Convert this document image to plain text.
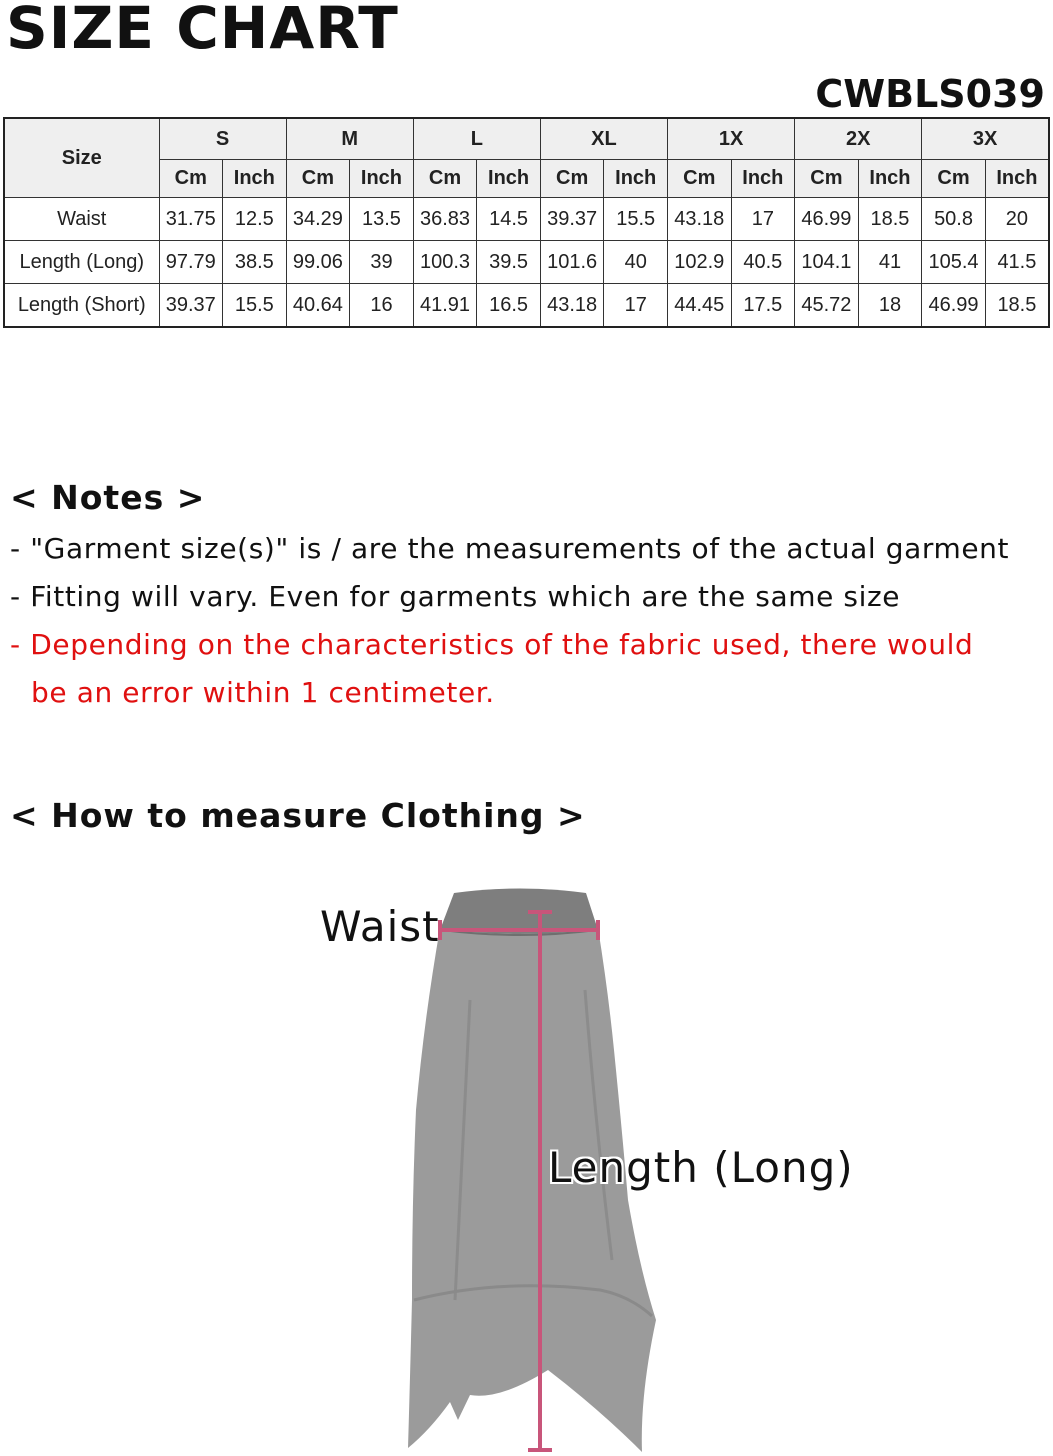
SIZE CHART
CWBLS039
Size	S		M		L		XL		1X		2X		3X	
	Cm	Inch	Cm	Inch	Cm	Inch	Cm	Inch	Cm	Inch	Cm	Inch	Cm	Inch
Waist	31.75	12.5	34.29	13.5	36.83	14.5	39.37	15.5	43.18	17	46.99	18.5	50.8	20
Length (Long)	97.79	38.5	99.06	39	100.3	39.5	101.6	40	102.9	40.5	104.1	41	105.4	41.5
Length (Short)	39.37	15.5	40.64	16	41.91	16.5	43.18	17	44.45	17.5	45.72	18	46.99	18.5
< Notes >
- "Garment size(s)" is / are the measurements of the actual garment
- Fitting will vary. Even for garments which are the same size
- Depending on the characteristics of the fabric used, there would
be an error within 1 centimeter.
< How to measure Clothing >
Waist
Length (Long)
